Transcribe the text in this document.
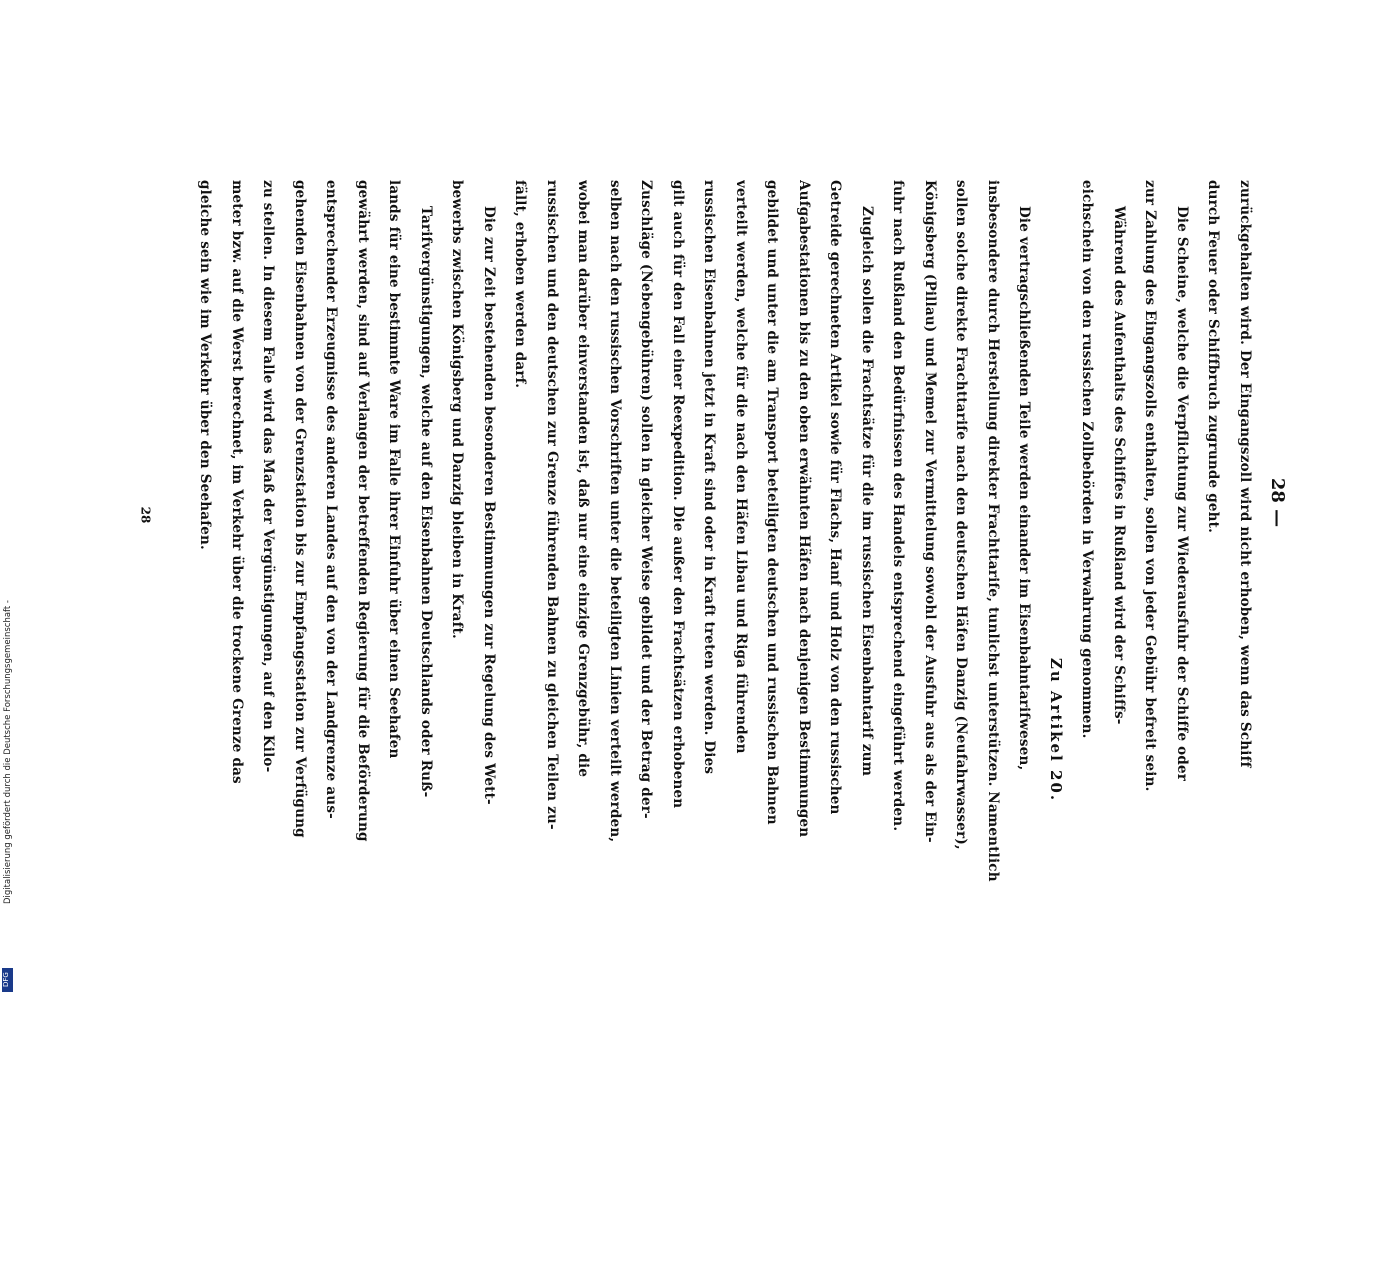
28 —
28	zurückgehalten wird. Der Eingangszoll wird nicht erhoben, wenn das Schiff
durch Feuer oder Schiffbruch zugrunde geht.
Die Scheine, welche die Verpflichtung zur Wiederausfuhr der Schiffe oder
zur Zahlung des Eingangszolls enthalten, sollen von jeder Gebühr befreit sein.
Während des Aufenthalts des Schiffes in Rußland wird der Schiffs-
eichschein von den russischen Zollbehörden in Verwahrung genommen.
Zu Artikel 20.
Die vertragschließenden Teile werden einander im Eisenbahntarifwesen,
insbesondere durch Herstellung direkter Frachttarife, tunlichst unterstützen. Namentlich
sollen solche direkte Frachttarife nach den deutschen Häfen Danzig (Neufahrwasser),
Königsberg (Pillau) und Memel zur Vermittelung sowohl der Ausfuhr aus als der Ein-
fuhr nach Rußland den Bedürfnissen des Handels entsprechend eingeführt werden.
Zugleich sollen die Frachtsätze für die im russischen Eisenbahntarif zum
Getreide gerechneten Artikel sowie für Flachs, Hanf und Holz von den russischen
Aufgabestationen bis zu den oben erwähnten Häfen nach denjenigen Bestimmungen
gebildet und unter die am Transport beteiligten deutschen und russischen Bahnen
verteilt werden, welche für die nach den Häfen Libau und Riga führenden
russischen Eisenbahnen jetzt in Kraft sind oder in Kraft treten werden. Dies
gilt auch für den Fall einer Reexpedition. Die außer den Frachtsätzen erhobenen
Zuschläge (Nebengebühren) sollen in gleicher Weise gebildet und der Betrag der-
selben nach den russischen Vorschriften unter die beteiligten Linien verteilt werden,
wobei man darüber einverstanden ist, daß nur eine einzige Grenzgebühr, die
russischen und den deutschen zur Grenze führenden Bahnen zu gleichen Teilen zu-
fällt, erhoben werden darf.
Die zur Zeit bestehenden besonderen Bestimmungen zur Regelung des Wett-
bewerbs zwischen Königsberg und Danzig bleiben in Kraft.
Tarifvergünstigungen, welche auf den Eisenbahnen Deutschlands oder Ruß-
lands für eine bestimmte Ware im Falle ihrer Einfuhr über einen Seehafen
gewährt werden, sind auf Verlangen der betreffenden Regierung für die Beförderung
entsprechender Erzeugnisse des anderen Landes auf den von der Landgrenze aus-
gehenden Eisenbahnen von der Grenzstation bis zur Empfangsstation zur Verfügung
zu stellen. In diesem Falle wird das Maß der Vergünstigungen, auf den Kilo-
meter bzw. auf die Werst berechnet, im Verkehr über die trockene Grenze das
gleiche sein wie im Verkehr über den Seehafen.
Digitalisierung gefördert durch die Deutsche Forschungsgemeinschaft -
DFG
